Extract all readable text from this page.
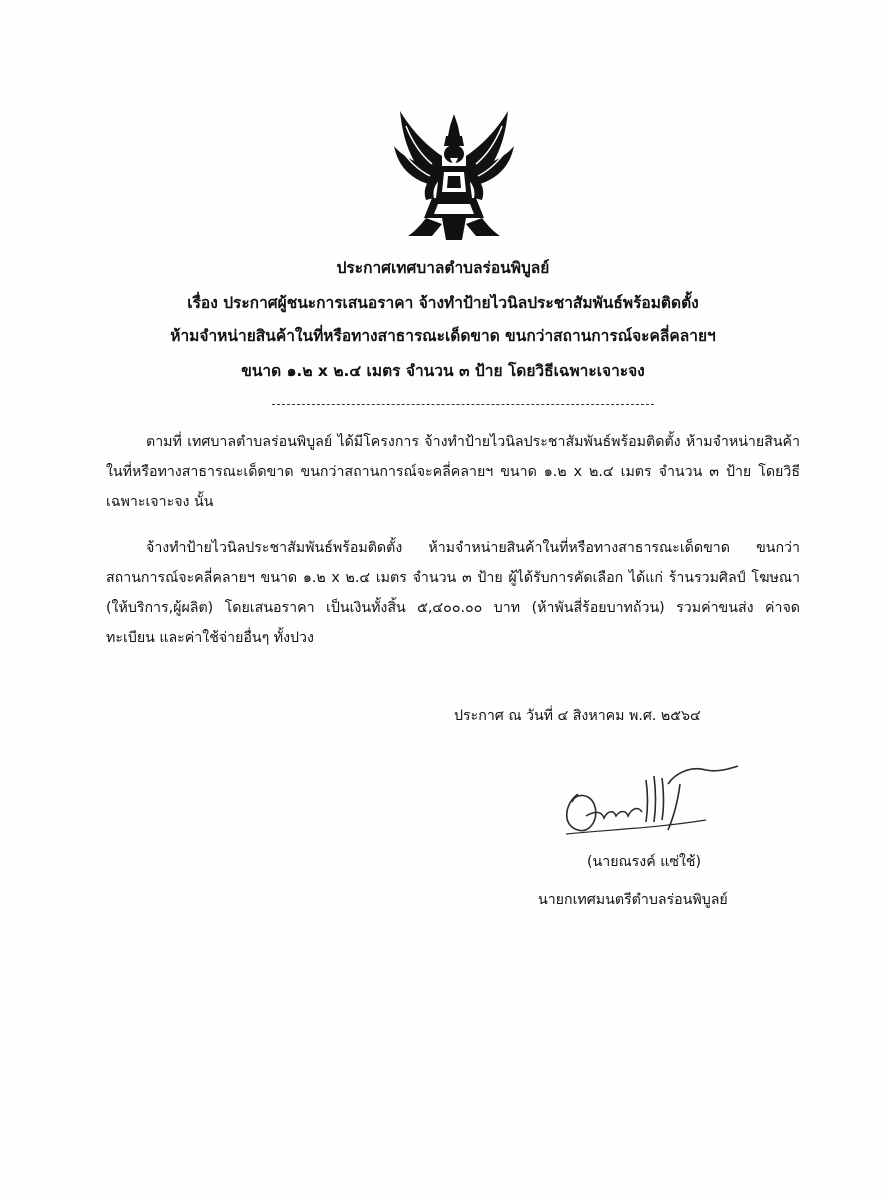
ประกาศเทศบาลตำบลร่อนพิบูลย์
เรื่อง ประกาศผู้ชนะการเสนอราคา จ้างทำป้ายไวนิลประชาสัมพันธ์พร้อมติดตั้ง
ห้ามจำหน่ายสินค้าในที่หรือทางสาธารณะเด็ดขาด ขนกว่าสถานการณ์จะคลี่คลายฯ
ขนาด ๑.๒ x ๒.๔ เมตร จำนวน ๓ ป้าย โดยวิธีเฉพาะเจาะจง
ตามที่ เทศบาลตำบลร่อนพิบูลย์ ได้มีโครงการ จ้างทำป้ายไวนิลประชาสัมพันธ์พร้อมติดตั้ง ห้ามจำหน่ายสินค้าในที่หรือทางสาธารณะเด็ดขาด ขนกว่าสถานการณ์จะคลี่คลายฯ ขนาด ๑.๒ x ๒.๔ เมตร จำนวน ๓ ป้าย โดยวิธีเฉพาะเจาะจง นั้น
จ้างทำป้ายไวนิลประชาสัมพันธ์พร้อมติดตั้ง ห้ามจำหน่ายสินค้าในที่หรือทางสาธารณะเด็ดขาด ขนกว่าสถานการณ์จะคลี่คลายฯ ขนาด ๑.๒ x ๒.๔ เมตร จำนวน ๓ ป้าย ผู้ได้รับการคัดเลือก ได้แก่ ร้านรวมศิลป์ โฆษณา (ให้บริการ,ผู้ผลิต) โดยเสนอราคา เป็นเงินทั้งสิ้น ๕,๔๐๐.๐๐ บาท (ห้าพันสี่ร้อยบาทถ้วน) รวมค่าขนส่ง ค่าจดทะเบียน และค่าใช้จ่ายอื่นๆ ทั้งปวง
ประกาศ ณ วันที่ ๔ สิงหาคม พ.ศ. ๒๕๖๔
(นายณรงค์ แซ่ใช้)
นายกเทศมนตรีตำบลร่อนพิบูลย์
